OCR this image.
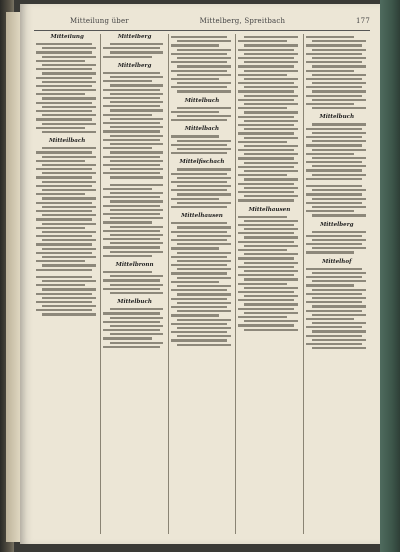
Mitteilung über	Mittelberg, Spreitbach	177
Mitteilung
Mitteilbach
Mittelberg
Mittelberg
Mittelbronn
Mittelbuch
Mittelbuch
Mittelbach
Mittelfischach
Mittelhausen
Mittelhausen
Mittelbuch
Mittelberg
Mittelhof
